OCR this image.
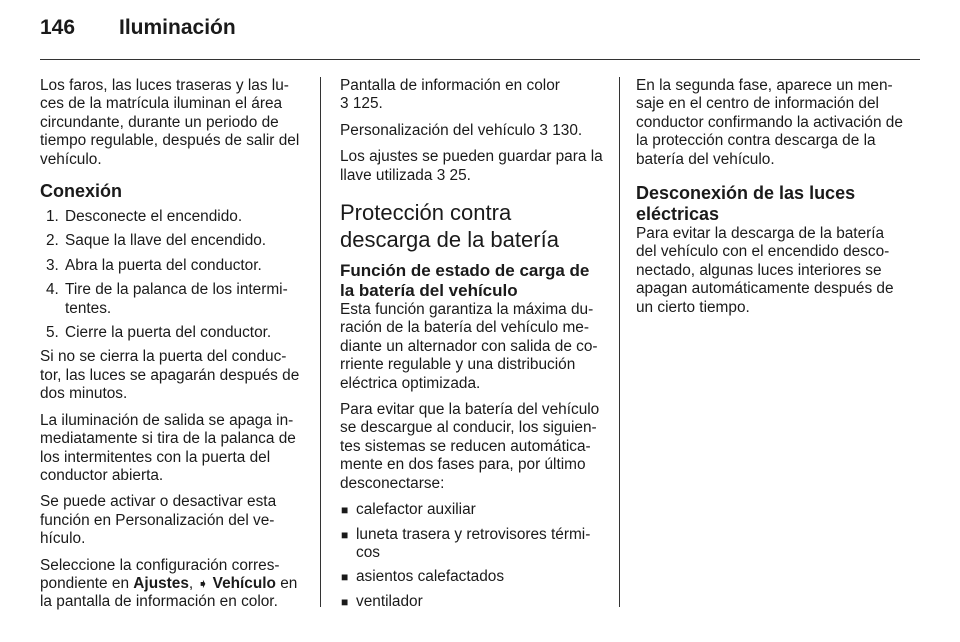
146 Iluminación

Los faros, las luces traseras y las lu-ces de la matrícula iluminan el área circundante, durante un periodo de tiempo regulable, después de salir del vehículo.

Conexión
1. Desconecte el encendido.
2. Saque la llave del encendido.
3. Abra la puerta del conductor.
4. Tire de la palanca de los intermi-tentes.
5. Cierre la puerta del conductor.

Si no se cierra la puerta del conduc-tor, las luces se apagarán después de dos minutos.

La iluminación de salida se apaga in-mediatamente si tira de la palanca de los intermitentes con la puerta del conductor abierta.

Se puede activar o desactivar esta función en Personalización del ve-hículo.

Seleccione la configuración corres-pondiente en Ajustes, ➧ Vehículo en la pantalla de información en color.

Pantalla de información en color
3 125.

Personalización del vehículo 3 130.

Los ajustes se pueden guardar para la llave utilizada 3 25.

Protección contra descarga de la batería
Función de estado de carga de la batería del vehículo

Esta función garantiza la máxima du-ración de la batería del vehículo me-diante un alternador con salida de co-rriente regulable y una distribución eléctrica optimizada.

Para evitar que la batería del vehículo se descargue al conducir, los siguien-tes sistemas se reducen automática-mente en dos fases para, por último desconectarse:

■ calefactor auxiliar
■ luneta trasera y retrovisores térmi-cos
■ asientos calefactados
■ ventilador

En la segunda fase, aparece un men-saje en el centro de información del conductor confirmando la activación de la protección contra descarga de la batería del vehículo.

Desconexión de las luces eléctricas

Para evitar la descarga de la batería del vehículo con el encendido desco-nectado, algunas luces interiores se apagan automáticamente después de un cierto tiempo.
